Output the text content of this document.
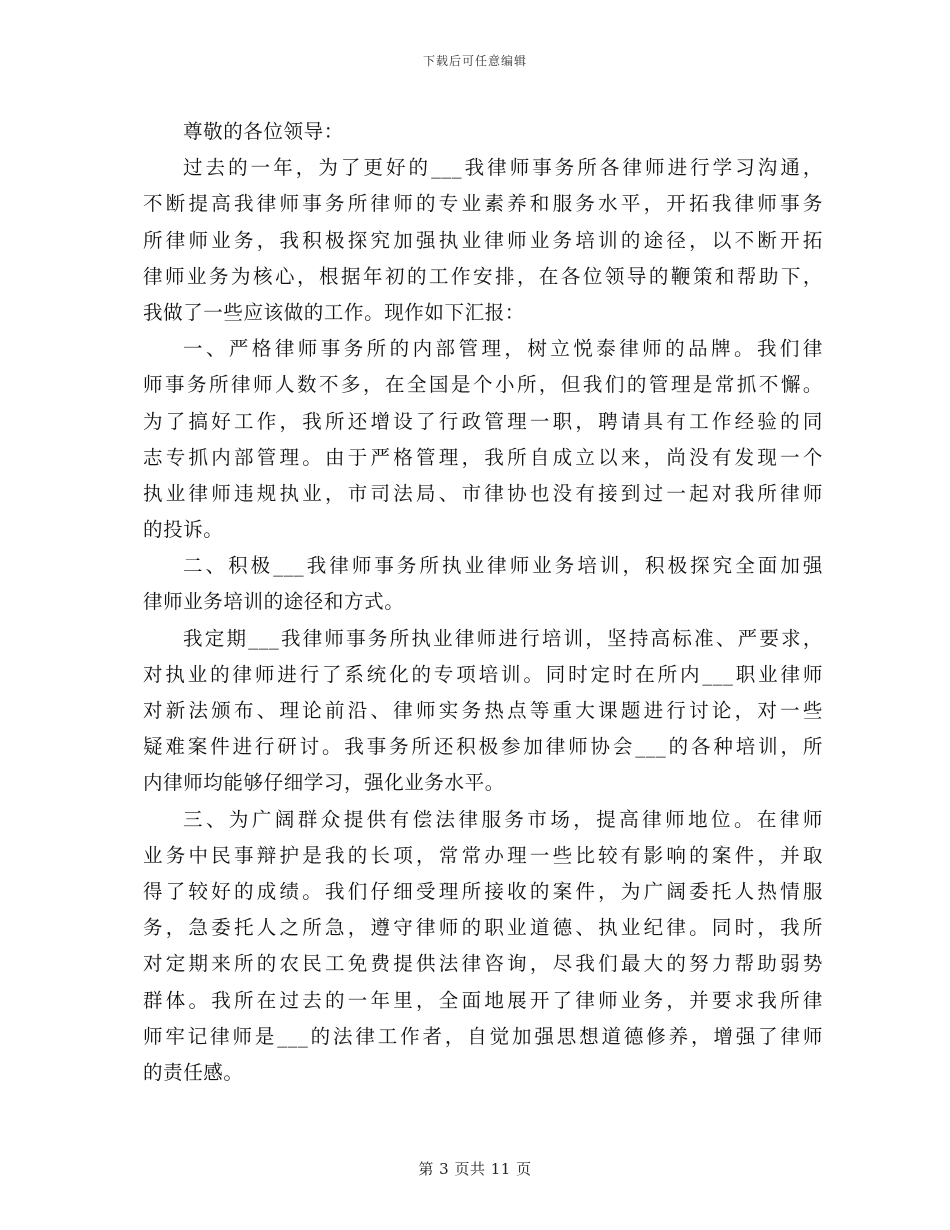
下载后可任意编辑
尊敬的各位领导：
过去的一年，为了更好的___我律师事务所各律师进行学习沟通，
不断提高我律师事务所律师的专业素养和服务水平，开拓我律师事务
所律师业务，我积极探究加强执业律师业务培训的途径，以不断开拓
律师业务为核心，根据年初的工作安排，在各位领导的鞭策和帮助下，
我做了一些应该做的工作。现作如下汇报：
一、严格律师事务所的内部管理，树立悦泰律师的品牌。我们律
师事务所律师人数不多，在全国是个小所，但我们的管理是常抓不懈。
为了搞好工作，我所还增设了行政管理一职，聘请具有工作经验的同
志专抓内部管理。由于严格管理，我所自成立以来，尚没有发现一个
执业律师违规执业，市司法局、市律协也没有接到过一起对我所律师
的投诉。
二、积极___我律师事务所执业律师业务培训，积极探究全面加强
律师业务培训的途径和方式。
我定期___我律师事务所执业律师进行培训，坚持高标准、严要求，
对执业的律师进行了系统化的专项培训。同时定时在所内___职业律师
对新法颁布、理论前沿、律师实务热点等重大课题进行讨论，对一些
疑难案件进行研讨。我事务所还积极参加律师协会___的各种培训，所
内律师均能够仔细学习，强化业务水平。
三、为广阔群众提供有偿法律服务市场，提高律师地位。在律师
业务中民事辩护是我的长项，常常办理一些比较有影响的案件，并取
得了较好的成绩。我们仔细受理所接收的案件，为广阔委托人热情服
务，急委托人之所急，遵守律师的职业道德、执业纪律。同时，我所
对定期来所的农民工免费提供法律咨询，尽我们最大的努力帮助弱势
群体。我所在过去的一年里，全面地展开了律师业务，并要求我所律
师牢记律师是___的法律工作者，自觉加强思想道德修养，增强了律师
的责任感。
第 3 页共 11 页
